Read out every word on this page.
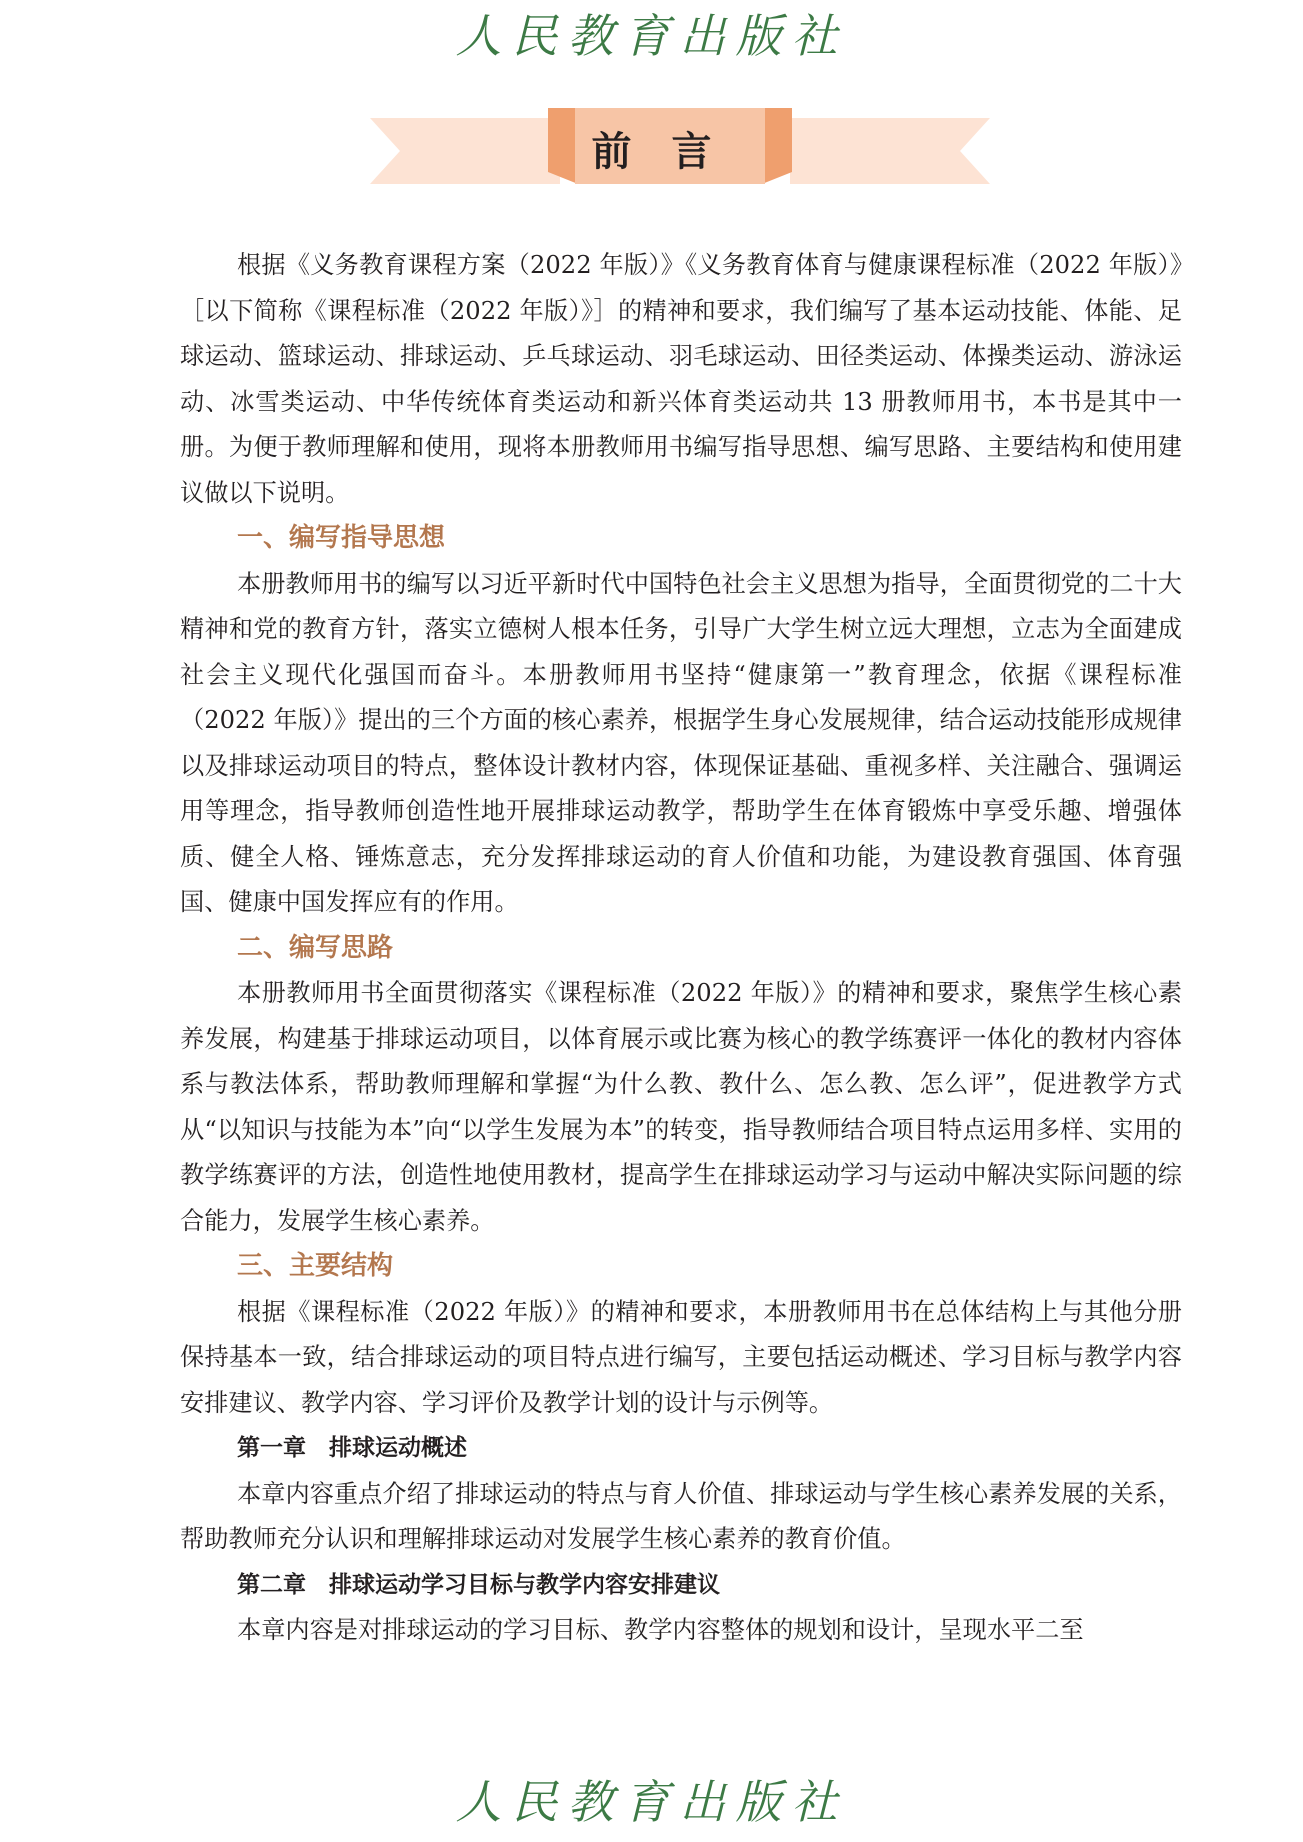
人民教育出版社
前言

根据《义务教育课程方案（2022 年版）》《义务教育体育与健康课程标准（2022 年版）》［以下简称《课程标准（2022 年版）》］的精神和要求，我们编写了基本运动技能、体能、足球运动、篮球运动、排球运动、乒乓球运动、羽毛球运动、田径类运动、体操类运动、游泳运动、冰雪类运动、中华传统体育类运动和新兴体育类运动共 13 册教师用书，本书是其中一册。为便于教师理解和使用，现将本册教师用书编写指导思想、编写思路、主要结构和使用建议做以下说明。

一、编写指导思想

本册教师用书的编写以习近平新时代中国特色社会主义思想为指导，全面贯彻党的二十大精神和党的教育方针，落实立德树人根本任务，引导广大学生树立远大理想，立志为全面建成社会主义现代化强国而奋斗。本册教师用书坚持“健康第一”教育理念，依据《课程标准（2022 年版）》提出的三个方面的核心素养，根据学生身心发展规律，结合运动技能形成规律以及排球运动项目的特点，整体设计教材内容，体现保证基础、重视多样、关注融合、强调运用等理念，指导教师创造性地开展排球运动教学，帮助学生在体育锻炼中享受乐趣、增强体质、健全人格、锤炼意志，充分发挥排球运动的育人价值和功能，为建设教育强国、体育强国、健康中国发挥应有的作用。

二、编写思路

本册教师用书全面贯彻落实《课程标准（2022 年版）》的精神和要求，聚焦学生核心素养发展，构建基于排球运动项目，以体育展示或比赛为核心的教学练赛评一体化的教材内容体系与教法体系，帮助教师理解和掌握“为什么教、教什么、怎么教、怎么评”，促进教学方式从“以知识与技能为本”向“以学生发展为本”的转变，指导教师结合项目特点运用多样、实用的教学练赛评的方法，创造性地使用教材，提高学生在排球运动学习与运动中解决实际问题的综合能力，发展学生核心素养。

三、主要结构

根据《课程标准（2022 年版）》的精神和要求，本册教师用书在总体结构上与其他分册保持基本一致，结合排球运动的项目特点进行编写，主要包括运动概述、学习目标与教学内容安排建议、教学内容、学习评价及教学计划的设计与示例等。

第一章　排球运动概述

本章内容重点介绍了排球运动的特点与育人价值、排球运动与学生核心素养发展的关系，帮助教师充分认识和理解排球运动对发展学生核心素养的教育价值。

第二章　排球运动学习目标与教学内容安排建议

本章内容是对排球运动的学习目标、教学内容整体的规划和设计，呈现水平二至

人民教育出版社
